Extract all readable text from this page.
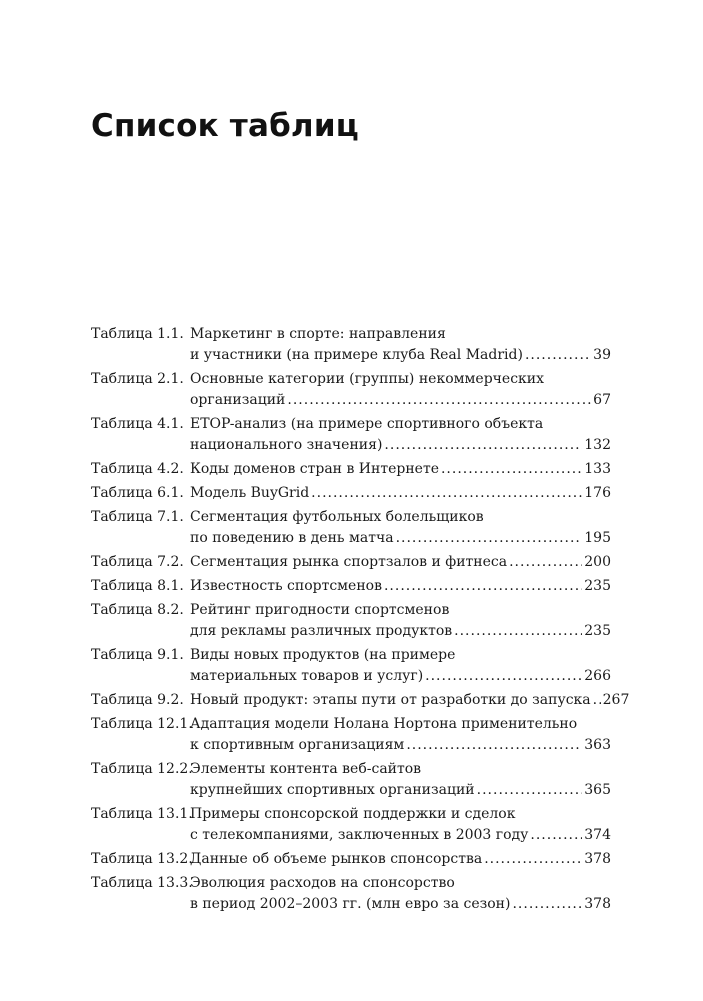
Список таблиц
Таблица 1.1. Маркетинг в спорте: направления
и участники (на примере клуба Real Madrid) .....	39
Таблица 2.1. Основные категории (группы) некоммерческих
организаций .....	67
Таблица 4.1. ETOP-анализ (на примере спортивного объекта
национального значения) .....	132
Таблица 4.2. Коды доменов стран в Интернете .....	133
Таблица 6.1. Модель BuyGrid .....	176
Таблица 7.1. Сегментация футбольных болельщиков
по поведению в день матча .....	195
Таблица 7.2. Сегментация рынка спортзалов и фитнеса .....	200
Таблица 8.1. Известность спортсменов .....	235
Таблица 8.2. Рейтинг пригодности спортсменов
для рекламы различных продуктов .....	235
Таблица 9.1. Виды новых продуктов (на примере
материальных товаров и услуг) .....	266
Таблица 9.2. Новый продукт: этапы пути от разработки до запуска ..... 267
Таблица 12.1.
Адаптация модели Нолана Нортона применительно
к спортивным организациям .....	363
Таблица 12.2.
Элементы контента веб-сайтов
крупнейших спортивных организаций .....	365
Таблица 13.1.
Примеры спонсорской поддержки и сделок
с телекомпаниями, заключенных в 2003 году .....	374
Таблица 13.2.
Данные об объеме рынков спонсорства .....	378
Таблица 13.3.
Эволюция расходов на спонсорство
в период 2002–2003 гг. (млн евро за сезон) .....	378
